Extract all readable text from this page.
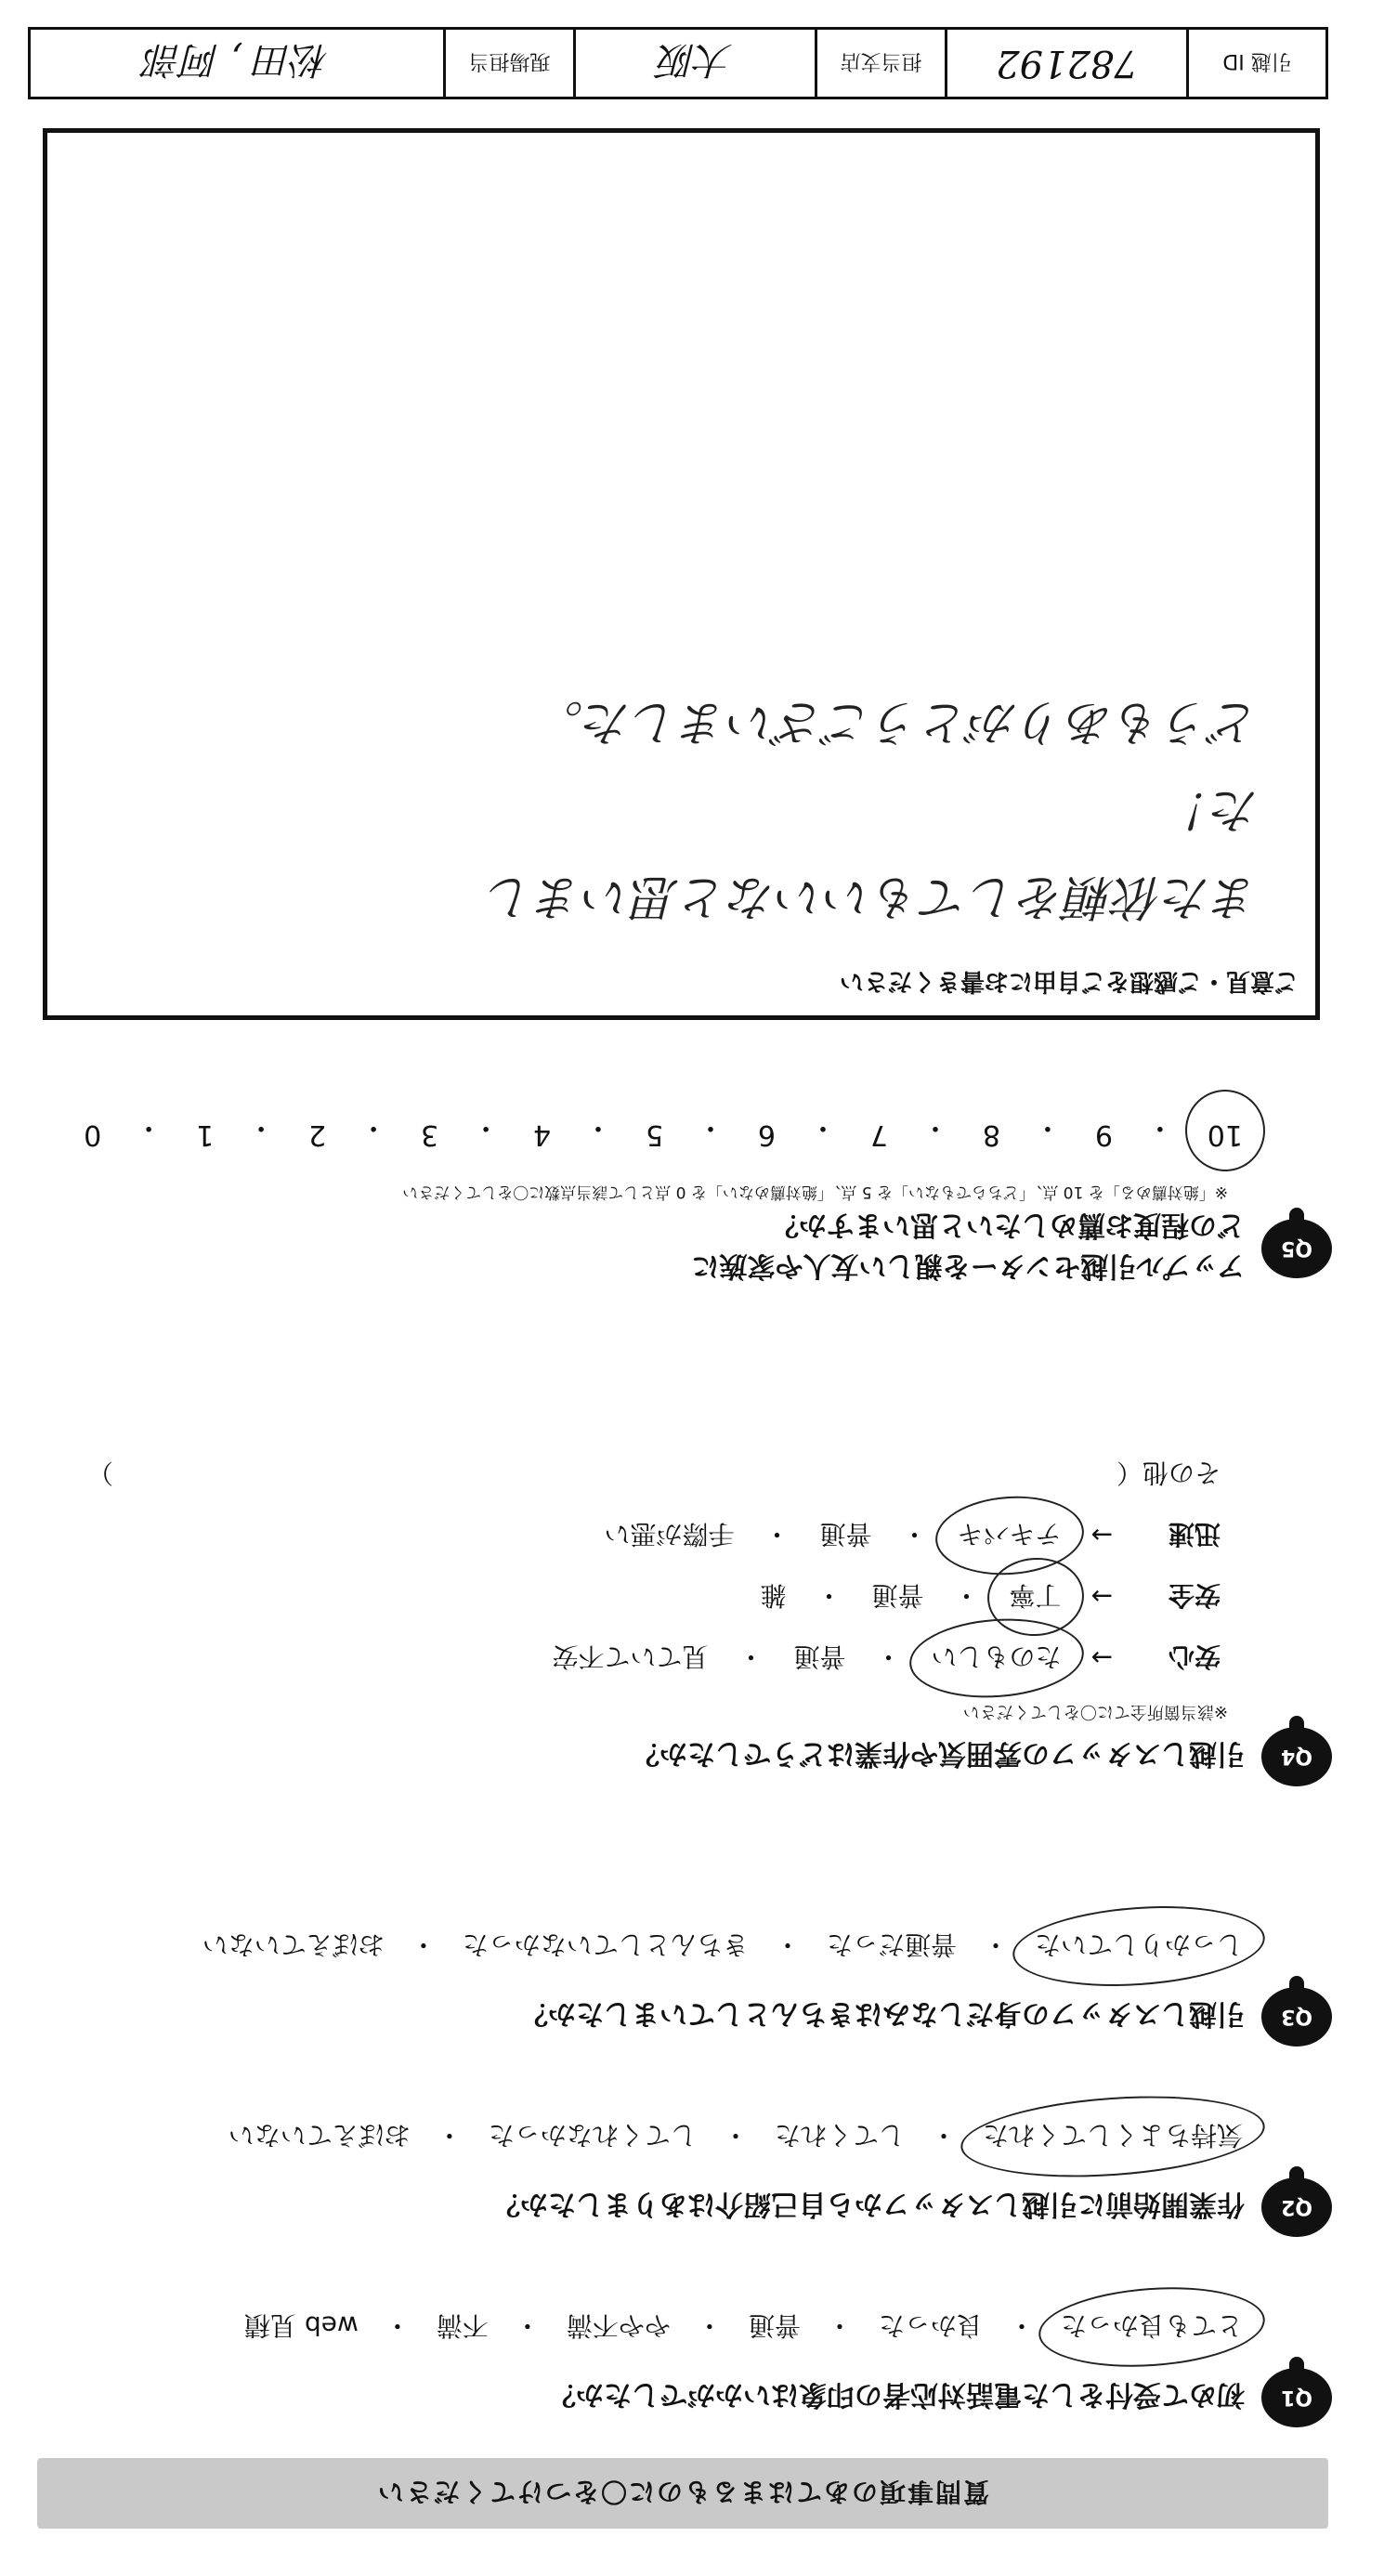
質問事項のあてはまるものに〇をつけてください
Q1
初めて受付をした電話対応者の印象はいかがでしたか？
とても良かった
・
良かった
・
普通
・
やや不満
・
不満
・
web 見積
Q2
作業開始前に引越しスタッフから自己紹介はありましたか？
気持ちよくしてくれた
・
してくれた
・
してくれなかった
・
おぼえていない
Q3
引越しスタッフの身だしなみはきちんとしていましたか？
しっかりしていた
・
普通だった
・
きちんとしていなかった
・
おぼえていない
Q4
引越しスタッフの雰囲気や作業はどうでしたか？
※該当箇所全てに〇をしてください
安心
→
たのもしい
・
普通
・
見ていて不安
安全
→
丁寧
・
普通
・
雑
迅速
→
テキパキ
・
普通
・
手際が悪い
その他（
）
Q5
アップル引越センターを親しい友人や家族に
どの程度お薦めしたいと思いますか？
※「絶対薦める」を 10 点、「どちらでもない」を 5 点、「絶対薦めない」を 0 点として該当点数に〇をしてください
10
・
9
・
8
・
7
・
6
・
5
・
4
・
3
・
2
・
1
・
0
ご意見・ご感想をご自由にお書きください
また依頼をしてもいいなと思いまし
た！
どうもありがとうございました。
引越 ID
782192
担当支店
大阪
現場担当
松田 , 阿部
